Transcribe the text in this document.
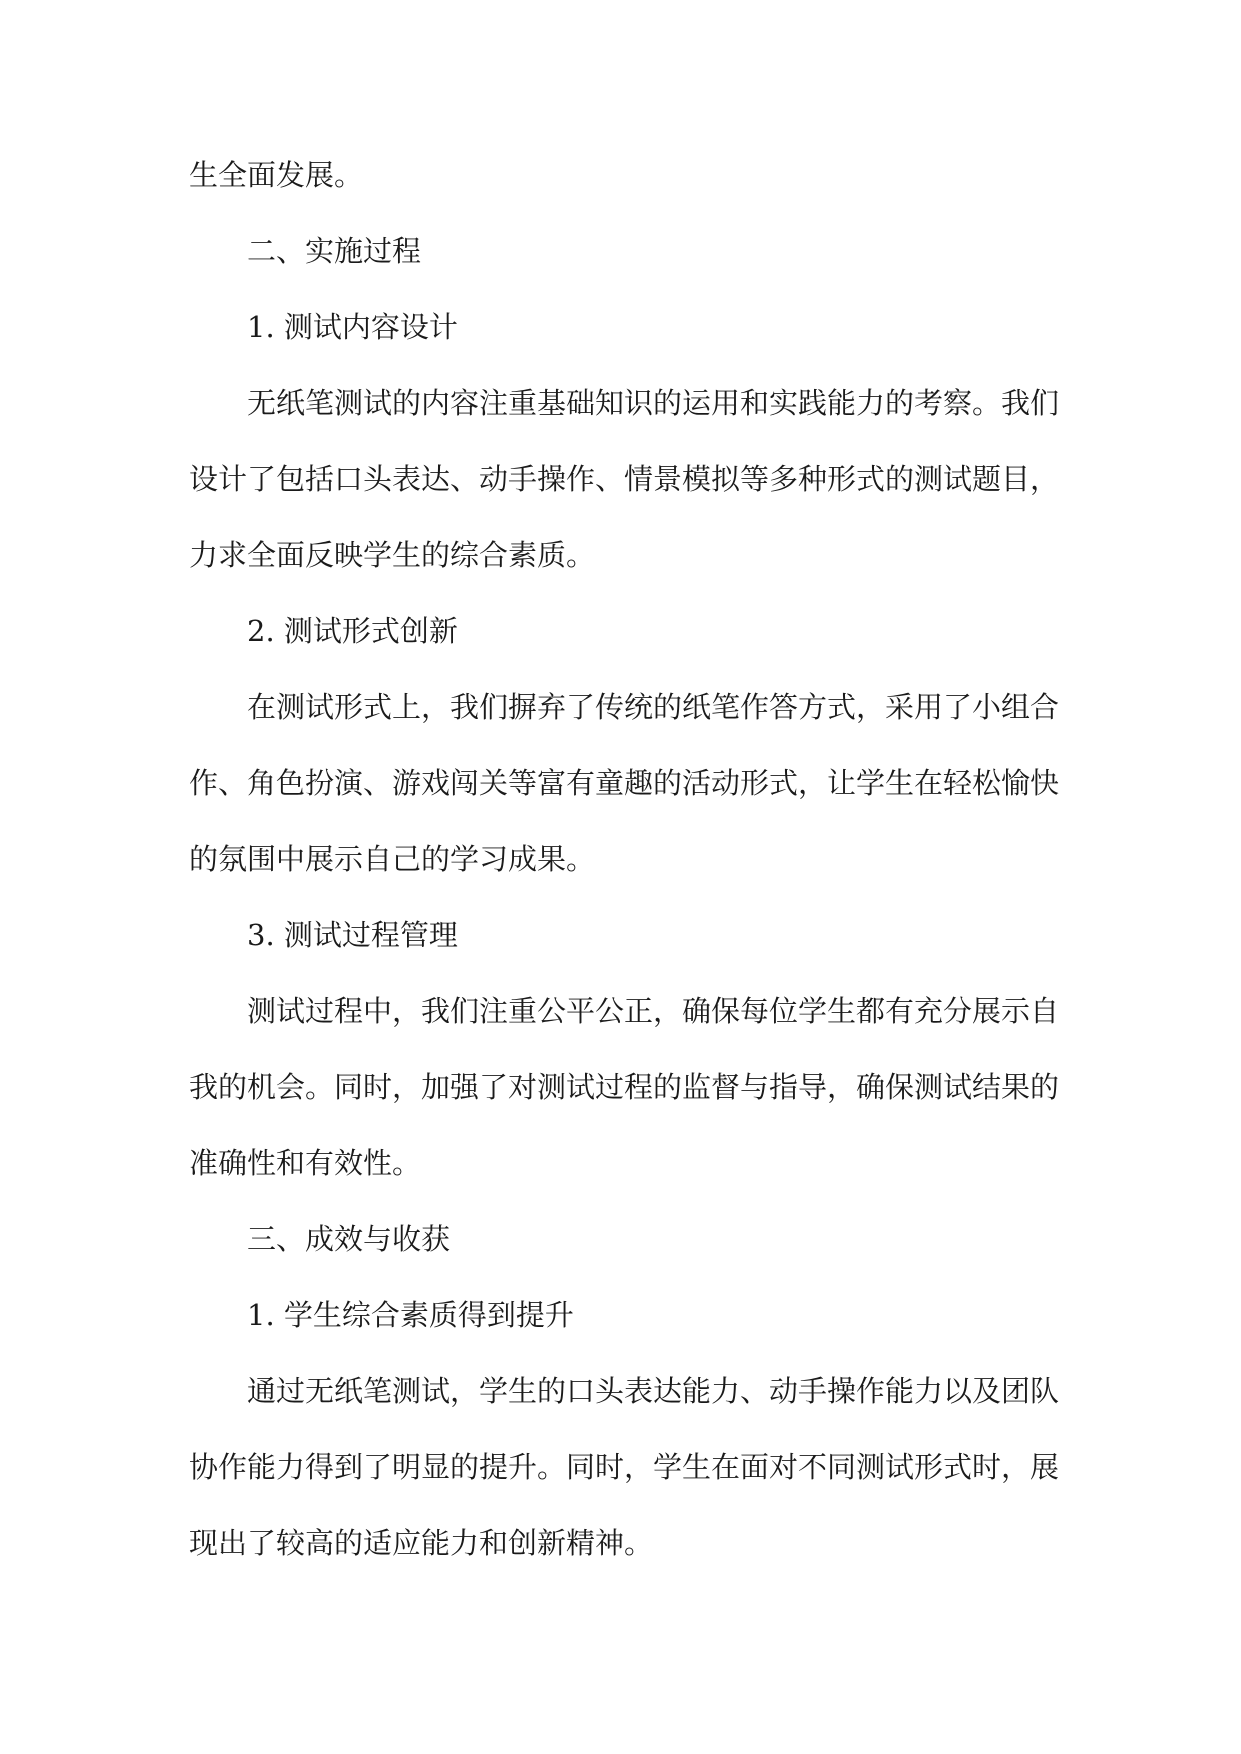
生全面发展。

二、实施过程

1. 测试内容设计

无纸笔测试的内容注重基础知识的运用和实践能力的考察。我们设计了包括口头表达、动手操作、情景模拟等多种形式的测试题目，力求全面反映学生的综合素质。

2. 测试形式创新

在测试形式上，我们摒弃了传统的纸笔作答方式，采用了小组合作、角色扮演、游戏闯关等富有童趣的活动形式，让学生在轻松愉快的氛围中展示自己的学习成果。

3. 测试过程管理

测试过程中，我们注重公平公正，确保每位学生都有充分展示自我的机会。同时，加强了对测试过程的监督与指导，确保测试结果的准确性和有效性。

三、成效与收获

1. 学生综合素质得到提升

通过无纸笔测试，学生的口头表达能力、动手操作能力以及团队协作能力得到了明显的提升。同时，学生在面对不同测试形式时，展现出了较高的适应能力和创新精神。
